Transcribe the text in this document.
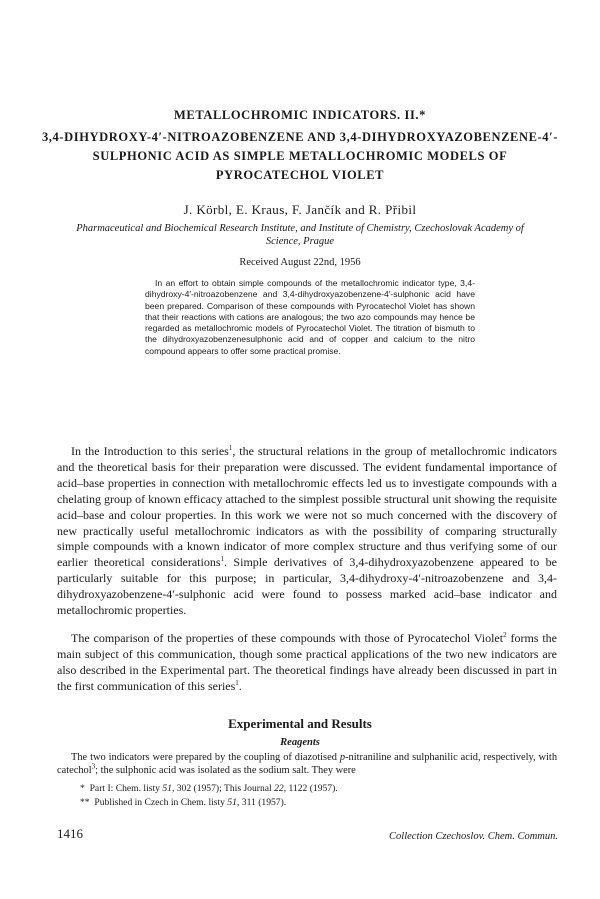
METALLOCHROMIC INDICATORS. II.*
3,4-DIHYDROXY-4′-NITROAZOBENZENE AND 3,4-DIHYDROXYAZOBENZENE-4′-SULPHONIC ACID AS SIMPLE METALLOCHROMIC MODELS OF PYROCATECHOL VIOLET
J. Körbl, E. Kraus, F. Jančík and R. Přibil
Pharmaceutical and Biochemical Research Institute, and Institute of Chemistry, Czechoslovak Academy of Science, Prague
Received August 22nd, 1956

In an effort to obtain simple compounds of the metallochromic indicator type, 3,4-dihydroxy-4′-nitroazobenzene and 3,4-dihydroxyazobenzene-4′-sulphonic acid have been prepared. Comparison of these compounds with Pyrocatechol Violet has shown that their reactions with cations are analogous; the two azo compounds may hence be regarded as metallochromic models of Pyrocatechol Violet. The titration of bismuth to the dihydroxyazobenzenesulphonic acid and of copper and calcium to the nitro compound appears to offer some practical promise.

In the Introduction to this series$^1$, the structural relations in the group of metallochromic indicators and the theoretical basis for their preparation were discussed. The evident fundamental importance of acid–base properties in connection with metallochromic effects led us to investigate compounds with a chelating group of known efficacy attached to the simplest possible structural unit showing the requisite acid–base and colour properties. In this work we were not so much concerned with the discovery of new practically useful metallochromic indicators as with the possibility of comparing structurally simple compounds with a known indicator of more complex structure and thus verifying some of our earlier theoretical considerations$^1$. Simple derivatives of 3,4-dihydroxyazobenzene appeared to be particularly suitable for this purpose; in particular, 3,4-dihydroxy-4′-nitroazobenzene and 3,4-dihydroxyazobenzene-4′-sulphonic acid were found to possess marked acid–base indicator and metallochromic properties.

The comparison of the properties of these compounds with those of Pyrocatechol Violet$^2$ forms the main subject of this communication, though some practical applications of the two new indicators are also described in the Experimental part. The theoretical findings have already been discussed in part in the first communication of this series$^1$.

Experimental and Results
Reagents

The two indicators were prepared by the coupling of diazotised p-nitraniline and sulphanilic acid, respectively, with catechol$^3$; the sulphonic acid was isolated as the sodium salt. They were

* Part I: Chem. listy 51, 302 (1957); This Journal 22, 1122 (1957).

** Published in Czech in Chem. listy 51, 311 (1957).

1416	Collection Czechoslov. Chem. Commun.
